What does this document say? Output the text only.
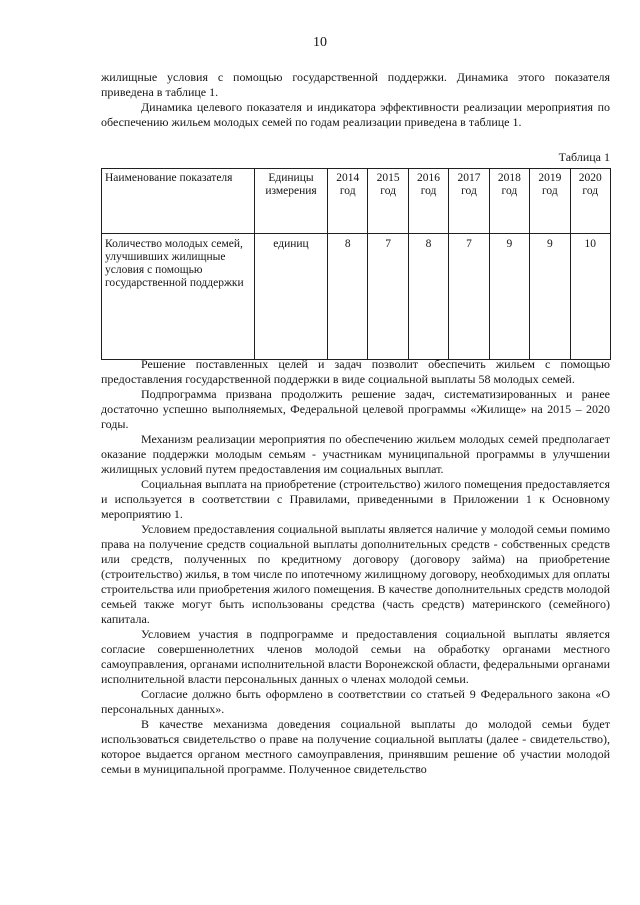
10

жилищные условия с помощью государственной поддержки. Динамика этого показателя приведена в таблице 1.

Динамика целевого показателя и индикатора эффективности реализации мероприятия по обеспечению жильем молодых семей по годам реализации приведена в таблице 1.

Таблица 1
Наименование показателя	Единицы измерения	2014 год	2015 год	2016 год	2017 год	2018 год	2019 год	2020 год
Количество молодых семей, улучшивших жилищные условия с помощью государственной поддержки	единиц	8	7	8	7	9	9	10

Решение поставленных целей и задач позволит обеспечить жильем с помощью предоставления государственной поддержки в виде социальной выплаты 58 молодых семей.

Подпрограмма призвана продолжить решение задач, систематизированных и ранее достаточно успешно выполняемых, Федеральной целевой программы «Жилище» на 2015 – 2020 годы.

Механизм реализации мероприятия по обеспечению жильем молодых семей предполагает оказание поддержки молодым семьям - участникам муниципальной программы в улучшении жилищных условий путем предоставления им социальных выплат.

Социальная выплата на приобретение (строительство) жилого помещения предоставляется и используется в соответствии с Правилами, приведенными в Приложении 1 к Основному мероприятию 1.

Условием предоставления социальной выплаты является наличие у молодой семьи помимо права на получение средств социальной выплаты дополнительных средств - собственных средств или средств, полученных по кредитному договору (договору займа) на приобретение (строительство) жилья, в том числе по ипотечному жилищному договору, необходимых для оплаты строительства или приобретения жилого помещения. В качестве дополнительных средств молодой семьей также могут быть использованы средства (часть средств) материнского (семейного) капитала.

Условием участия в подпрограмме и предоставления социальной выплаты является согласие совершеннолетних членов молодой семьи на обработку органами местного самоуправления, органами исполнительной власти Воронежской области, федеральными органами исполнительной власти персональных данных о членах молодой семьи.

Согласие должно быть оформлено в соответствии со статьей 9 Федерального закона «О персональных данных».

В качестве механизма доведения социальной выплаты до молодой семьи будет использоваться свидетельство о праве на получение социальной выплаты (далее - свидетельство), которое выдается органом местного самоуправления, принявшим решение об участии молодой семьи в муниципальной программе. Полученное свидетельство
